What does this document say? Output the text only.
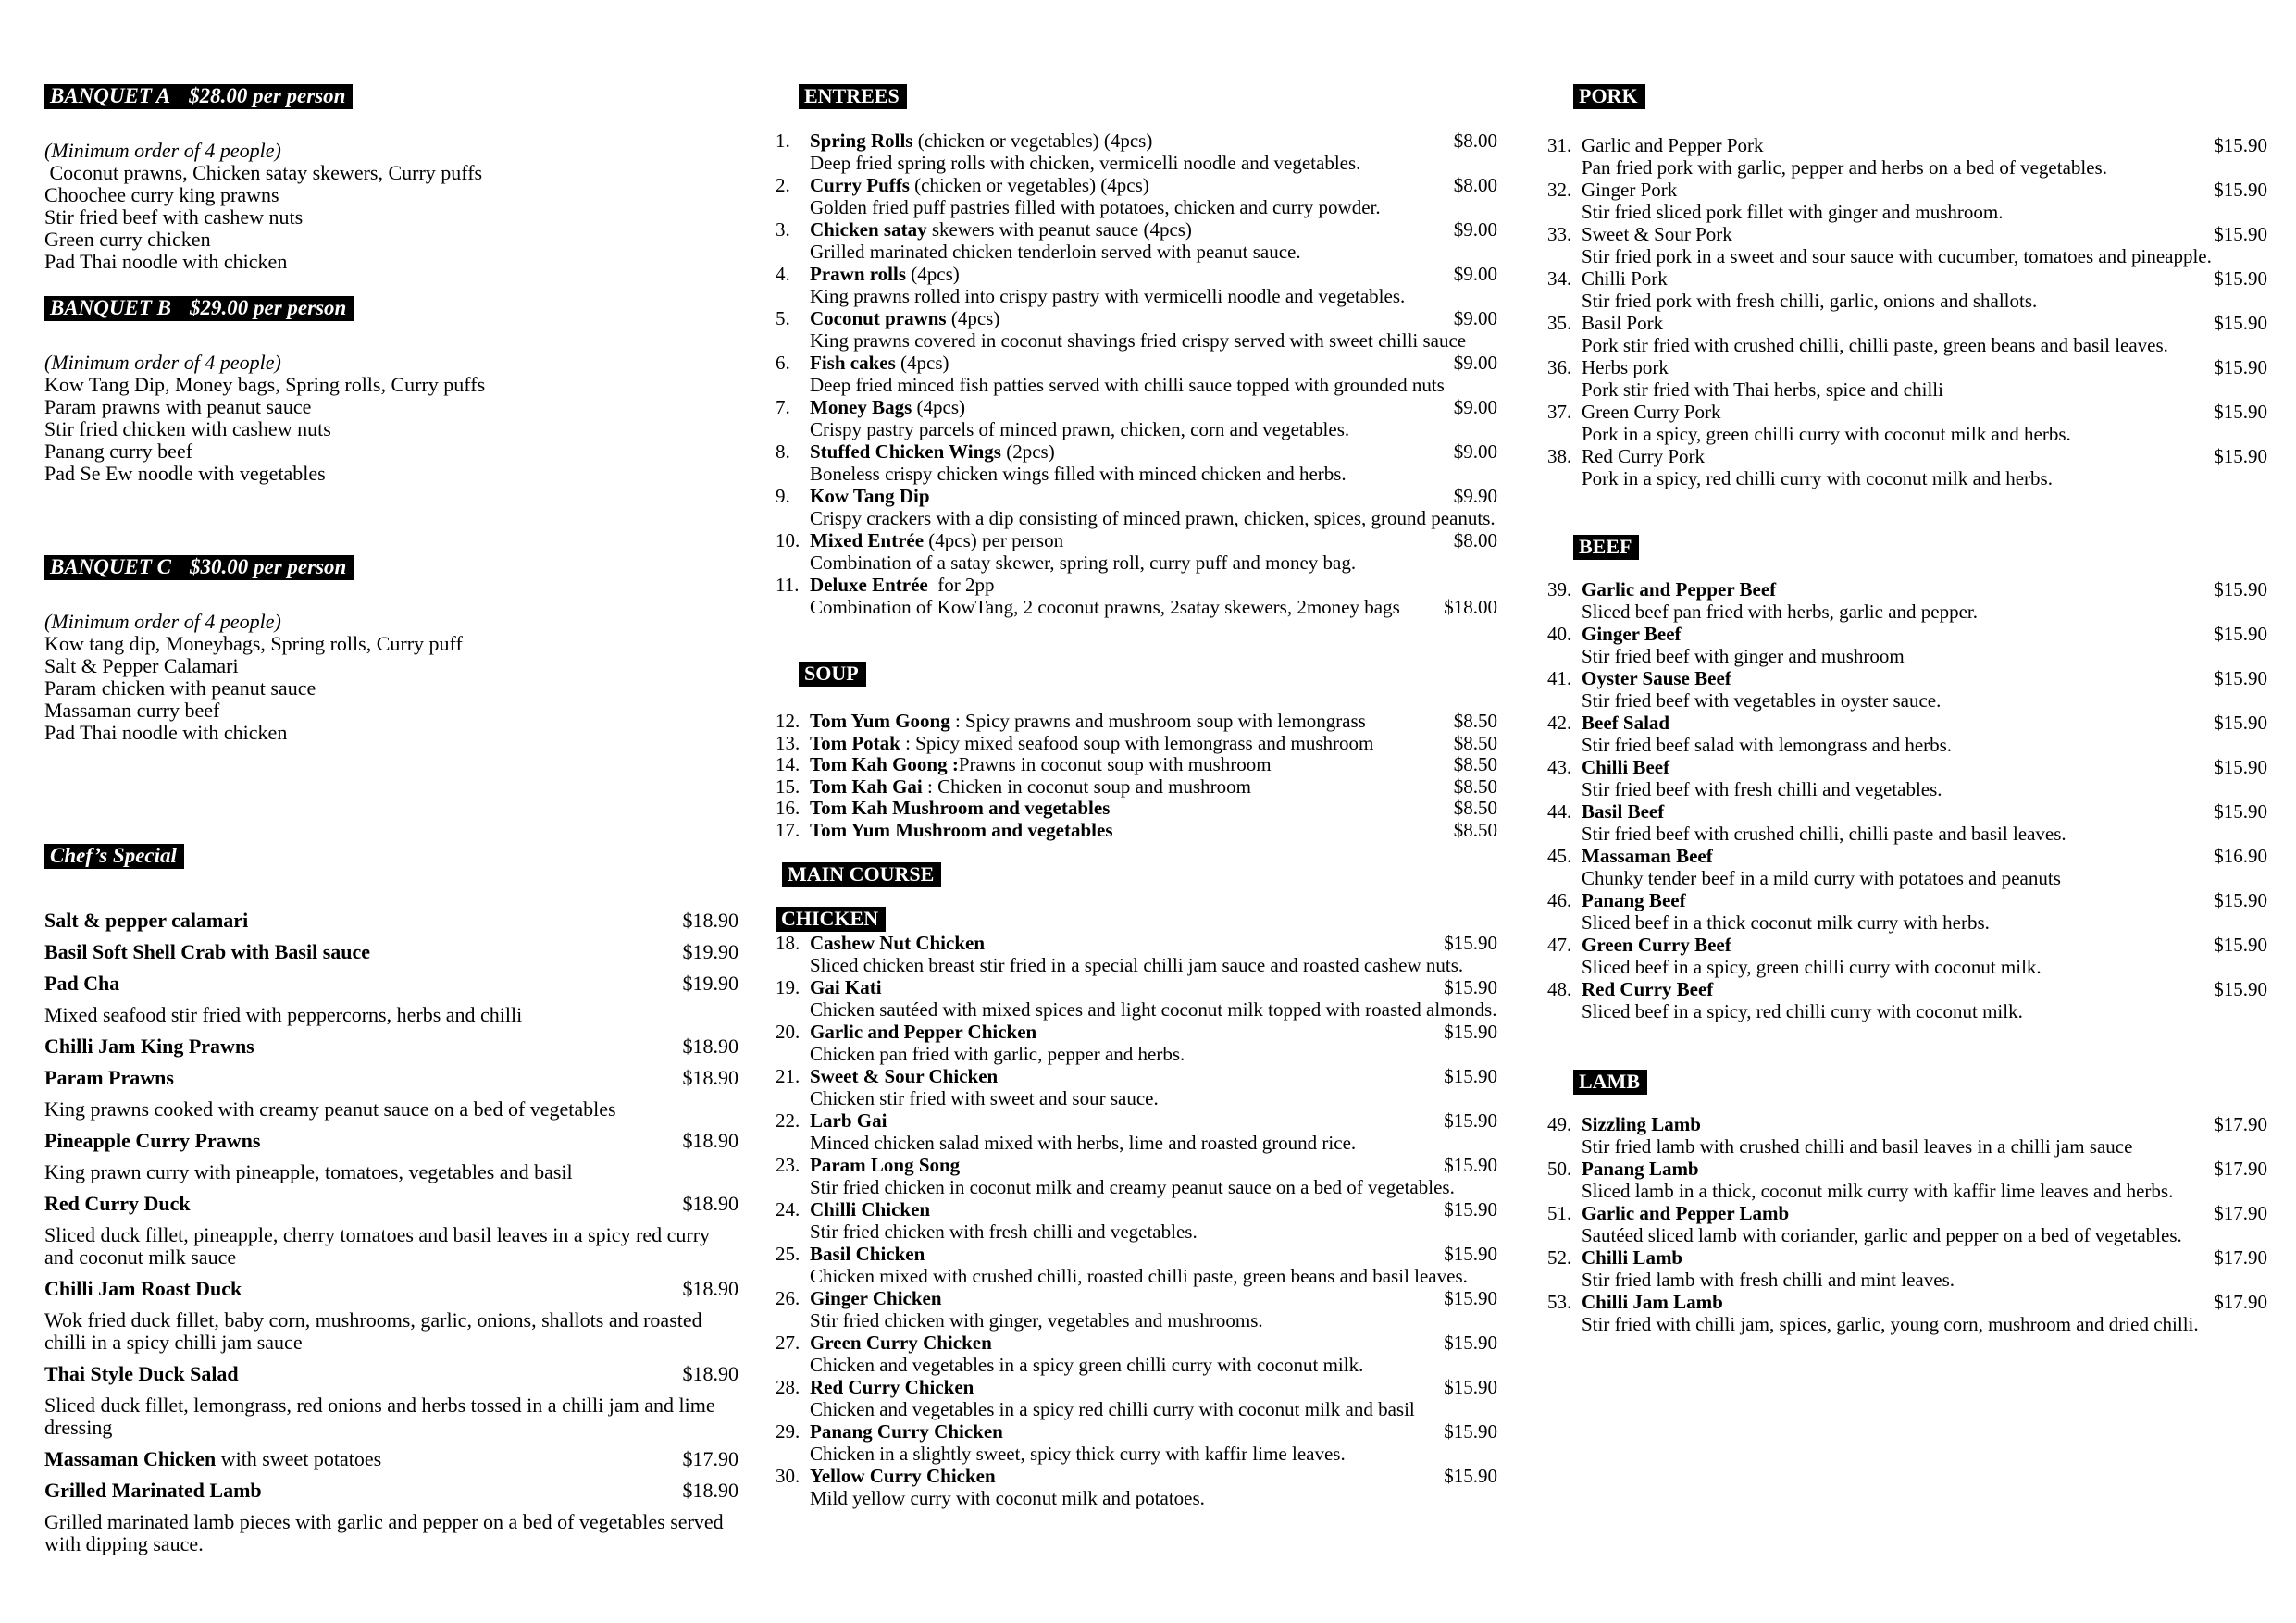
BANQUET A $28.00 per person
(Minimum order of 4 people)
Coconut prawns, Chicken satay skewers, Curry puffs
Choochee curry king prawns
Stir fried beef with cashew nuts
Green curry chicken
Pad Thai noodle with chicken
BANQUET B $29.00 per person
(Minimum order of 4 people)
Kow Tang Dip, Money bags, Spring rolls, Curry puffs
Param prawns with peanut sauce
Stir fried chicken with cashew nuts
Panang curry beef
Pad Se Ew noodle with vegetables
BANQUET C $30.00 per person
(Minimum order of 4 people)
Kow tang dip, Moneybags, Spring rolls, Curry puff
Salt & Pepper Calamari
Param chicken with peanut sauce
Massaman curry beef
Pad Thai noodle with chicken
Chef’s Special
Salt & pepper calamari	$18.90
Basil Soft Shell Crab with Basil sauce	$19.90
Pad Cha	$19.90
Mixed seafood stir fried with peppercorns, herbs and chilli
Chilli Jam King Prawns	$18.90
Param Prawns	$18.90
King prawns cooked with creamy peanut sauce on a bed of vegetables
Pineapple Curry Prawns	$18.90
King prawn curry with pineapple, tomatoes, vegetables and basil
Red Curry Duck	$18.90
Sliced duck fillet, pineapple, cherry tomatoes and basil leaves in a spicy red curry and coconut milk sauce
Chilli Jam Roast Duck	$18.90
Wok fried duck fillet, baby corn, mushrooms, garlic, onions, shallots and roasted chilli in a spicy chilli jam sauce
Thai Style Duck Salad	$18.90
Sliced duck fillet, lemongrass, red onions and herbs tossed in a chilli jam and lime dressing
Massaman Chicken with sweet potatoes	$17.90
Grilled Marinated Lamb	$18.90
Grilled marinated lamb pieces with garlic and pepper on a bed of vegetables served with dipping sauce.
ENTREES
1.	Spring Rolls (chicken or vegetables) (4pcs)	$8.00
Deep fried spring rolls with chicken, vermicelli noodle and vegetables.
2.	Curry Puffs (chicken or vegetables) (4pcs)	$8.00
Golden fried puff pastries filled with potatoes, chicken and curry powder.
3.	Chicken satay skewers with peanut sauce (4pcs)	$9.00
Grilled marinated chicken tenderloin served with peanut sauce.
4.	Prawn rolls (4pcs)	$9.00
King prawns rolled into crispy pastry with vermicelli noodle and vegetables.
5.	Coconut prawns (4pcs)	$9.00
King prawns covered in coconut shavings fried crispy served with sweet chilli sauce
6.	Fish cakes (4pcs)	$9.00
Deep fried minced fish patties served with chilli sauce topped with grounded nuts
7.	Money Bags (4pcs)	$9.00
Crispy pastry parcels of minced prawn, chicken, corn and vegetables.
8.	Stuffed Chicken Wings (2pcs)	$9.00
Boneless crispy chicken wings filled with minced chicken and herbs.
9.	Kow Tang Dip	$9.90
Crispy crackers with a dip consisting of minced prawn, chicken, spices, ground peanuts.
10. Mixed Entrée (4pcs) per person	$8.00
Combination of a satay skewer, spring roll, curry puff and money bag.
11. Deluxe Entrée  for 2pp
Combination of KowTang, 2 coconut prawns, 2satay skewers, 2money bags	$18.00
SOUP
12. Tom Yum Goong : Spicy prawns and mushroom soup with lemongrass	$8.50
13. Tom Potak : Spicy mixed seafood soup with lemongrass and mushroom	$8.50
14. Tom Kah Goong :Prawns in coconut soup with mushroom	$8.50
15. Tom Kah Gai : Chicken in coconut soup and mushroom	$8.50
16. Tom Kah Mushroom and vegetables	$8.50
17. Tom Yum Mushroom and vegetables	$8.50
MAIN COURSE
CHICKEN
18. Cashew Nut Chicken	$15.90
Sliced chicken breast stir fried in a special chilli jam sauce and roasted cashew nuts.
19. Gai Kati	$15.90
Chicken sautéed with mixed spices and light coconut milk topped with roasted almonds.
20. Garlic and Pepper Chicken	$15.90
Chicken pan fried with garlic, pepper and herbs.
21. Sweet & Sour Chicken	$15.90
Chicken stir fried with sweet and sour sauce.
22. Larb Gai	$15.90
Minced chicken salad mixed with herbs, lime and roasted ground rice.
23. Param Long Song	$15.90
Stir fried chicken in coconut milk and creamy peanut sauce on a bed of vegetables.
24. Chilli Chicken	$15.90
Stir fried chicken with fresh chilli and vegetables.
25. Basil Chicken	$15.90
Chicken mixed with crushed chilli, roasted chilli paste, green beans and basil leaves.
26. Ginger Chicken	$15.90
Stir fried chicken with ginger, vegetables and mushrooms.
27. Green Curry Chicken	$15.90
Chicken and vegetables in a spicy green chilli curry with coconut milk.
28. Red Curry Chicken	$15.90
Chicken and vegetables in a spicy red chilli curry with coconut milk and basil
29. Panang Curry Chicken	$15.90
Chicken in a slightly sweet, spicy thick curry with kaffir lime leaves.
30. Yellow Curry Chicken	$15.90
Mild yellow curry with coconut milk and potatoes.
PORK
31. Garlic and Pepper Pork	$15.90
Pan fried pork with garlic, pepper and herbs on a bed of vegetables.
32. Ginger Pork	$15.90
Stir fried sliced pork fillet with ginger and mushroom.
33. Sweet & Sour Pork	$15.90
Stir fried pork in a sweet and sour sauce with cucumber, tomatoes and pineapple.
34. Chilli Pork	$15.90
Stir fried pork with fresh chilli, garlic, onions and shallots.
35. Basil Pork	$15.90
Pork stir fried with crushed chilli, chilli paste, green beans and basil leaves.
36. Herbs pork	$15.90
Pork stir fried with Thai herbs, spice and chilli
37. Green Curry Pork	$15.90
Pork in a spicy, green chilli curry with coconut milk and herbs.
38. Red Curry Pork	$15.90
Pork in a spicy, red chilli curry with coconut milk and herbs.
BEEF
39. Garlic and Pepper Beef	$15.90
Sliced beef pan fried with herbs, garlic and pepper.
40. Ginger Beef	$15.90
Stir fried beef with ginger and mushroom
41. Oyster Sause Beef	$15.90
Stir fried beef with vegetables in oyster sauce.
42. Beef Salad	$15.90
Stir fried beef salad with lemongrass and herbs.
43. Chilli Beef	$15.90
Stir fried beef with fresh chilli and vegetables.
44. Basil Beef	$15.90
Stir fried beef with crushed chilli, chilli paste and basil leaves.
45. Massaman Beef	$16.90
Chunky tender beef in a mild curry with potatoes and peanuts
46. Panang Beef	$15.90
Sliced beef in a thick coconut milk curry with herbs.
47. Green Curry Beef	$15.90
Sliced beef in a spicy, green chilli curry with coconut milk.
48. Red Curry Beef	$15.90
Sliced beef in a spicy, red chilli curry with coconut milk.
LAMB
49. Sizzling Lamb	$17.90
Stir fried lamb with crushed chilli and basil leaves in a chilli jam sauce
50. Panang Lamb	$17.90
Sliced lamb in a thick, coconut milk curry with kaffir lime leaves and herbs.
51. Garlic and Pepper Lamb	$17.90
Sautéed sliced lamb with coriander, garlic and pepper on a bed of vegetables.
52. Chilli Lamb	$17.90
Stir fried lamb with fresh chilli and mint leaves.
53. Chilli Jam Lamb	$17.90
Stir fried with chilli jam, spices, garlic, young corn, mushroom and dried chilli.
